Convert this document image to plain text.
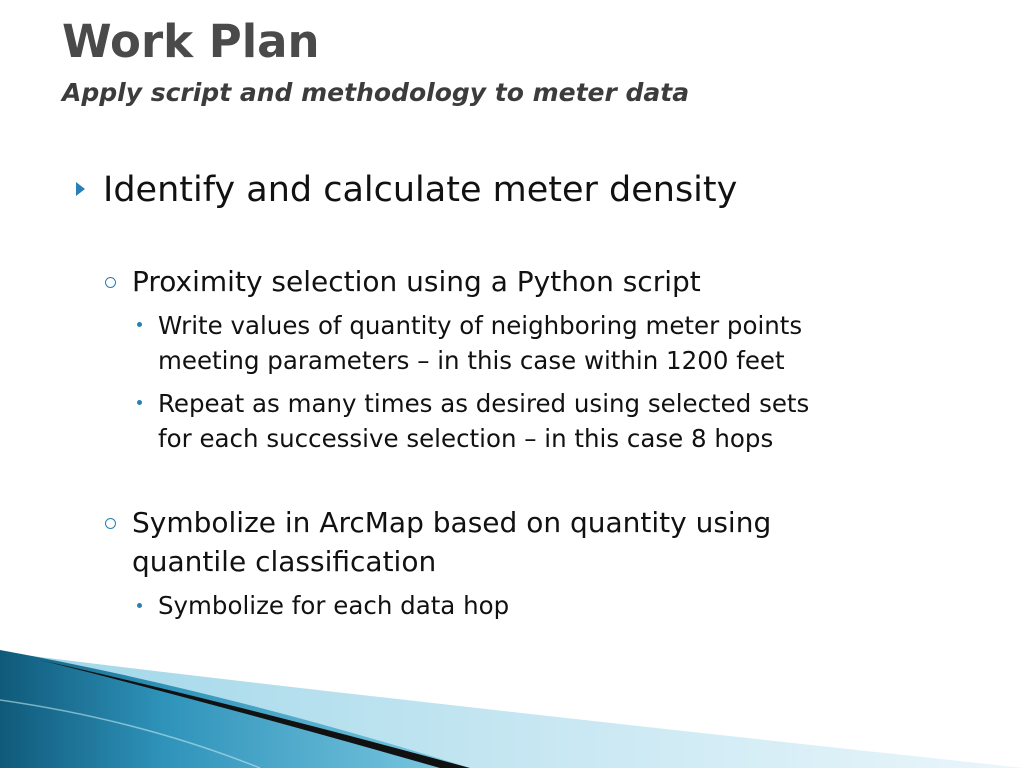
Work Plan
Apply script and methodology to meter data
Identify and calculate meter density
Proximity selection using a Python script
Write values of quantity of neighboring meter points
meeting parameters – in this case within 1200 feet
Repeat as many times as desired using selected sets
for each successive selection – in this case 8 hops
Symbolize in ArcMap based on quantity using
quantile classification
Symbolize for each data hop
